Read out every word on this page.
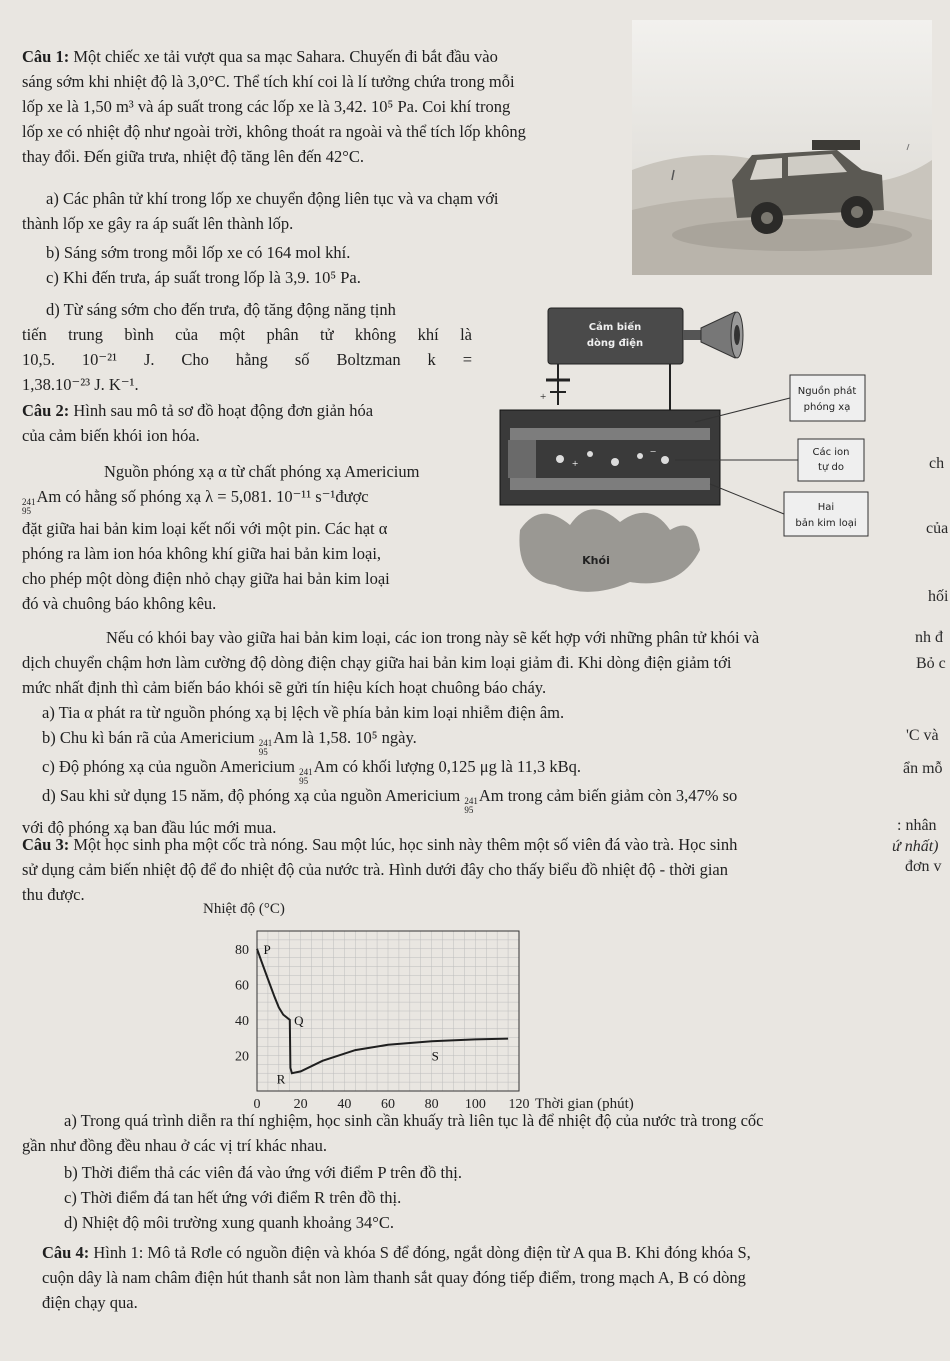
ch
của
hối
nh đ
Bỏ c
'C và
ẩn mỗ
: nhân
ứ nhất)
đơn v
Câu 1: Một chiếc xe tải vượt qua sa mạc Sahara. Chuyến đi bắt đầu vào
sáng sớm khi nhiệt độ là 3,0°C. Thể tích khí coi là lí tưởng chứa trong mỗi
lốp xe là 1,50 m³ và áp suất trong các lốp xe là 3,42. 10⁵ Pa. Coi khí trong
lốp xe có nhiệt độ như ngoài trời, không thoát ra ngoài và thể tích lốp không
thay đổi. Đến giữa trưa, nhiệt độ tăng lên đến 42°C.
a) Các phân tử khí trong lốp xe chuyển động liên tục và va chạm với
thành lốp xe gây ra áp suất lên thành lốp.
b) Sáng sớm trong mỗi lốp xe có 164 mol khí.
c) Khi đến trưa, áp suất trong lốp là 3,9. 10⁵ Pa.
d) Từ sáng sớm cho đến trưa, độ tăng động năng tịnh
tiến trung bình của một phân tử không khí là
10,5. 10⁻²¹ J. Cho hằng số Boltzman k =
1,38.10⁻²³ J. K⁻¹.
Câu 2: Hình sau mô tả sơ đồ hoạt động đơn giản hóa
của cảm biến khói ion hóa.
Nguồn phóng xạ α từ chất phóng xạ Americium
241
95
Am có hằng số phóng xạ λ = 5,081. 10⁻¹¹ s⁻¹được
đặt giữa hai bản kim loại kết nối với một pin. Các hạt α
phóng ra làm ion hóa không khí giữa hai bản kim loại,
cho phép một dòng điện nhỏ chạy giữa hai bản kim loại
đó và chuông báo không kêu.
Cảm biến
dòng điện
+
+
−
Khói
Nguồn phát
phóng xạ
Các ion
tự do
Hai
bản kim loại
Nếu có khói bay vào giữa hai bản kim loại, các ion trong này sẽ kết hợp với những phân tử khói và
dịch chuyển chậm hơn làm cường độ dòng điện chạy giữa hai bản kim loại giảm đi. Khi dòng điện giảm tới
mức nhất định thì cảm biến báo khói sẽ gửi tín hiệu kích hoạt chuông báo cháy.
a) Tia α phát ra từ nguồn phóng xạ bị lệch về phía bản kim loại nhiễm điện âm.
b) Chu kì bán rã của Americium 241
95
Am là 1,58. 10⁵ ngày.
c) Độ phóng xạ của nguồn Americium 241
95
Am có khối lượng 0,125 μg là 11,3 kBq.
d) Sau khi sử dụng 15 năm, độ phóng xạ của nguồn Americium 241
95
Am trong cảm biến giảm còn 3,47% so
với độ phóng xạ ban đầu lúc mới mua.
Câu 3: Một học sinh pha một cốc trà nóng. Sau một lúc, học sinh này thêm một số viên đá vào trà. Học sinh
sử dụng cảm biến nhiệt độ để đo nhiệt độ của nước trà. Hình dưới đây cho thấy biểu đồ nhiệt độ - thời gian
thu được.
Nhiệt độ (°C)
0 20 40 60 80 100 120
20
40
60
80 P
Q
R
S
Thời gian (phút)
a) Trong quá trình diễn ra thí nghiệm, học sinh cần khuấy trà liên tục là để nhiệt độ của nước trà trong cốc
gần như đồng đều nhau ở các vị trí khác nhau.
b) Thời điểm thả các viên đá vào ứng với điểm P trên đồ thị.
c) Thời điểm đá tan hết ứng với điểm R trên đồ thị.
d) Nhiệt độ môi trường xung quanh khoảng 34°C.
Câu 4: Hình 1: Mô tả Rơle có nguồn điện và khóa S để đóng, ngắt dòng điện từ A qua B. Khi đóng khóa S,
cuộn dây là nam châm điện hút thanh sắt non làm thanh sắt quay đóng tiếp điểm, trong mạch A, B có dòng
điện chạy qua.
